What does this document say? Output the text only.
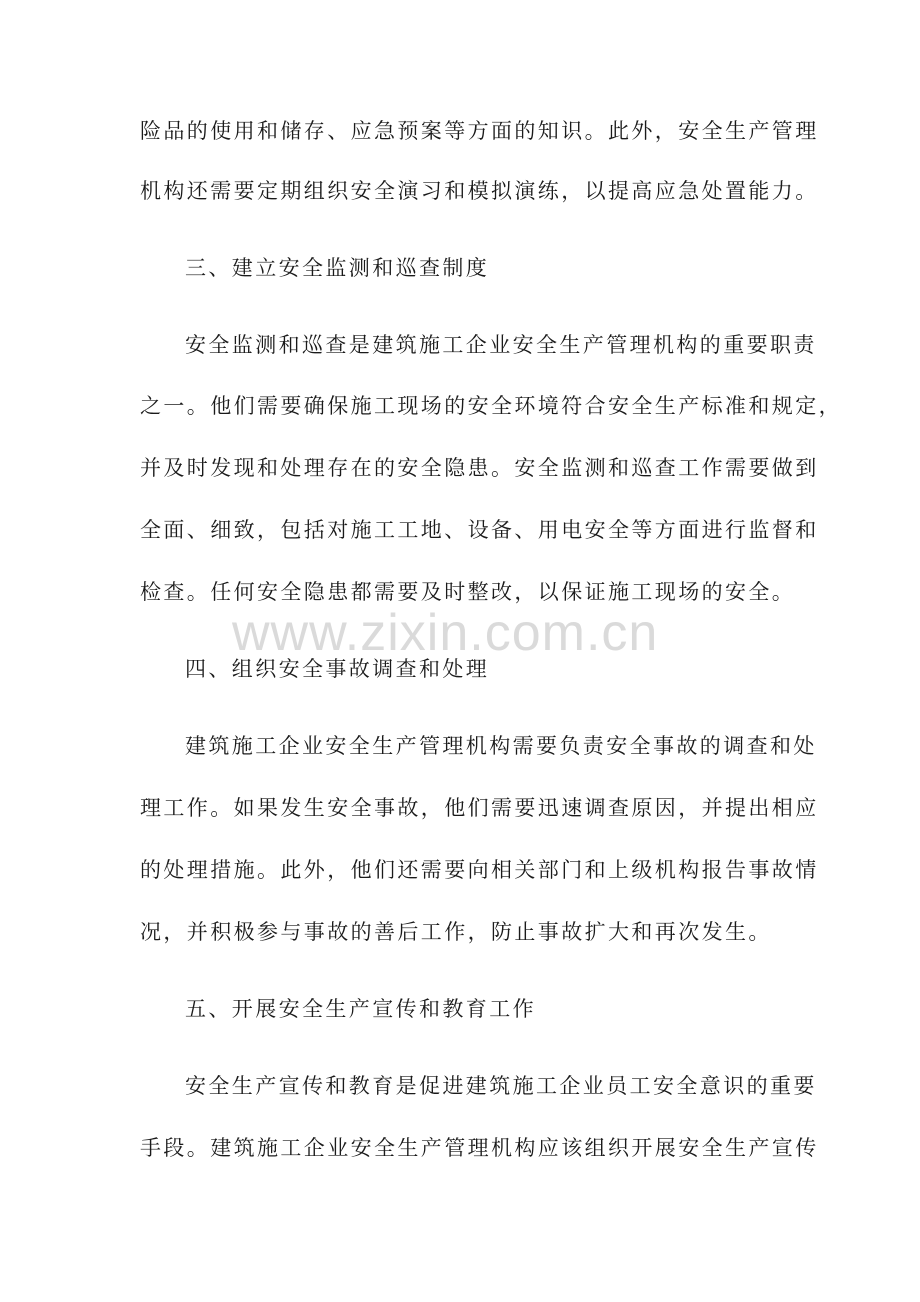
险品的使用和储存、应急预案等方面的知识。此外，安全生产管理
机构还需要定期组织安全演习和模拟演练，以提高应急处置能力。
三、建立安全监测和巡查制度
安全监测和巡查是建筑施工企业安全生产管理机构的重要职责
之一。他们需要确保施工现场的安全环境符合安全生产标准和规定，
并及时发现和处理存在的安全隐患。安全监测和巡查工作需要做到
全面、细致，包括对施工工地、设备、用电安全等方面进行监督和
检查。任何安全隐患都需要及时整改，以保证施工现场的安全。
四、组织安全事故调查和处理
建筑施工企业安全生产管理机构需要负责安全事故的调查和处
理工作。如果发生安全事故，他们需要迅速调查原因，并提出相应
的处理措施。此外，他们还需要向相关部门和上级机构报告事故情
况，并积极参与事故的善后工作，防止事故扩大和再次发生。
五、开展安全生产宣传和教育工作
安全生产宣传和教育是促进建筑施工企业员工安全意识的重要
手段。建筑施工企业安全生产管理机构应该组织开展安全生产宣传
www.zixin.com.cn
